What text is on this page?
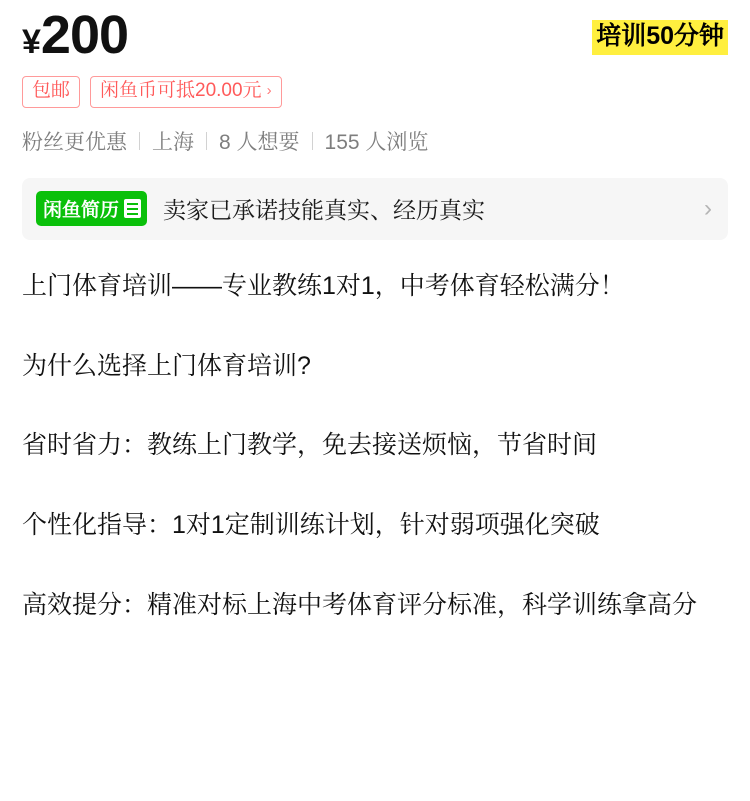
¥ 200	培训50分钟
包邮	闲鱼币可抵20.00元 ›
粉丝更优惠 上海 8 人想要 155 人浏览
闲鱼简历 卖家已承诺技能真实、经历真实	›

上门体育培训——专业教练1对1，中考体育轻松满分！

为什么选择上门体育培训?

省时省力：教练上门教学，免去接送烦恼，节省时间

个性化指导：1对1定制训练计划，针对弱项强化突破

高效提分：精准对标上海中考体育评分标准，科学训练拿高分
